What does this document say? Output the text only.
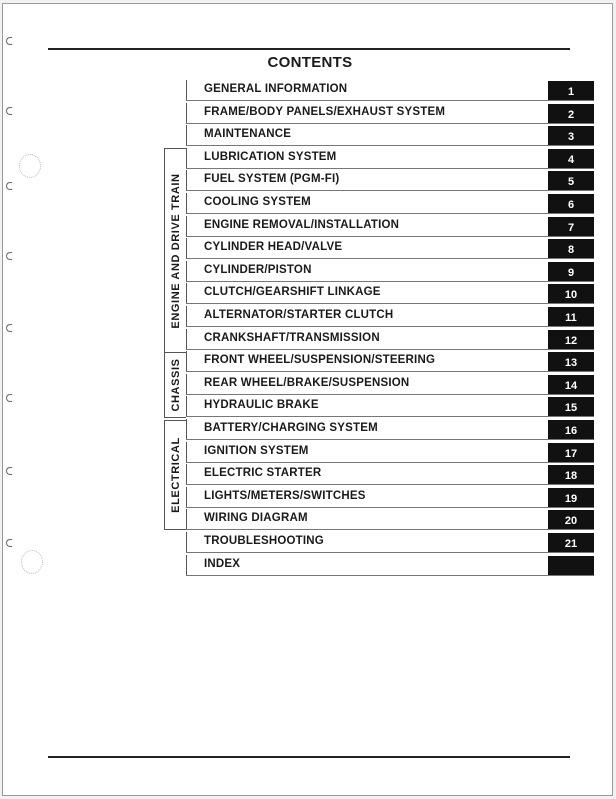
CONTENTS
ENGINE AND DRIVE TRAIN
CHASSIS
ELECTRICAL
GENERAL INFORMATION	1
FRAME/BODY PANELS/EXHAUST SYSTEM	2
MAINTENANCE	3
LUBRICATION SYSTEM	4
FUEL SYSTEM (PGM-FI)	5
COOLING SYSTEM	6
ENGINE REMOVAL/INSTALLATION	7
CYLINDER HEAD/VALVE	8
CYLINDER/PISTON	9
CLUTCH/GEARSHIFT LINKAGE	10
ALTERNATOR/STARTER CLUTCH	11
CRANKSHAFT/TRANSMISSION	12
FRONT WHEEL/SUSPENSION/STEERING	13
REAR WHEEL/BRAKE/SUSPENSION	14
HYDRAULIC BRAKE	15
BATTERY/CHARGING SYSTEM	16
IGNITION SYSTEM	17
ELECTRIC STARTER	18
LIGHTS/METERS/SWITCHES	19
WIRING DIAGRAM	20
TROUBLESHOOTING	21
INDEX
